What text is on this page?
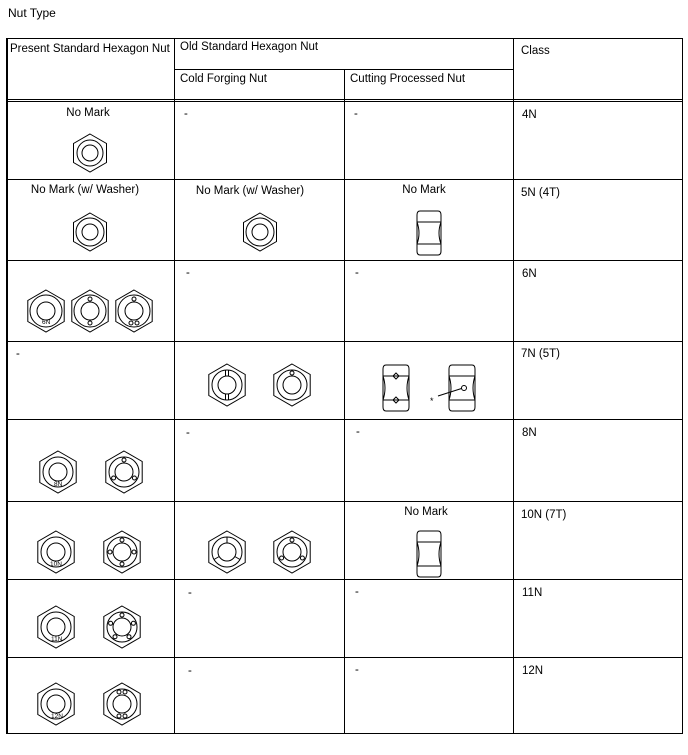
Nut Type
Present Standard Hexagon Nut Old Standard Hexagon Nut
Cold Forging Nut	Cutting Processed Nut
Class
No Mark
No Mark (w/ Washer)
-
-
No Mark (w/ Washer)
-
-
-
-
-
No Mark
-
-
No Mark
-
-
4N
5N (4T)
6N
7N (5T)
8N
10N (7T)
11N
12N
6N
*
8N
10N
11N
12N
